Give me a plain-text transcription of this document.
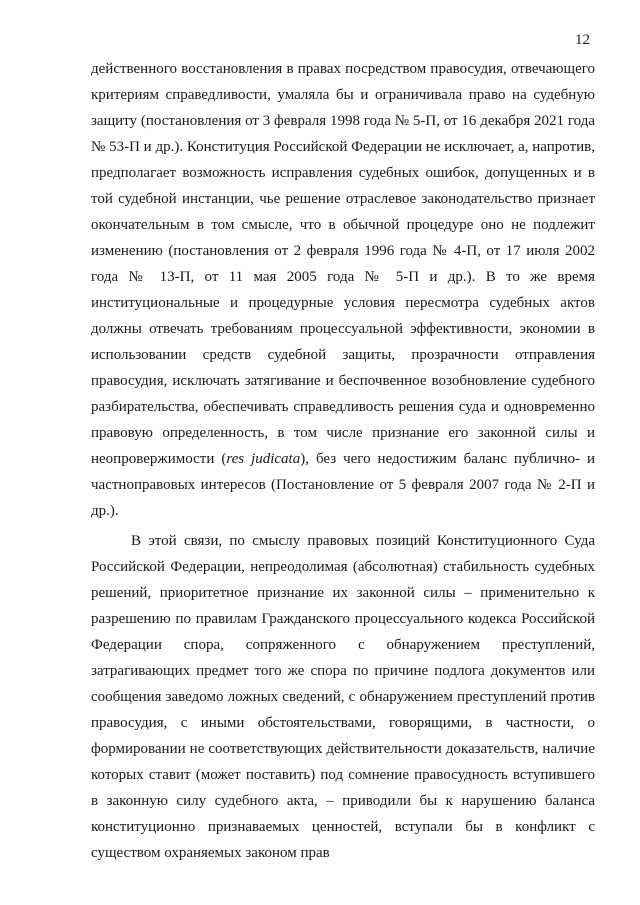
12

действенного восстановления в правах посредством правосудия, отвечающего критериям справедливости, умаляла бы и ограничивала право на судебную защиту (постановления от 3 февраля 1998 года № 5-П, от 16 декабря 2021 года № 53-П и др.). Конституция Российской Федерации не исключает, а, напротив, предполагает возможность исправления судебных ошибок, допущенных и в той судебной инстанции, чье решение отраслевое законодательство признает окончательным в том смысле, что в обычной процедуре оно не подлежит изменению (постановления от 2 февраля 1996 года № 4-П, от 17 июля 2002 года № 13-П, от 11 мая 2005 года № 5-П и др.). В то же время институциональные и процедурные условия пересмотра судебных актов должны отвечать требованиям процессуальной эффективности, экономии в использовании средств судебной защиты, прозрачности отправления правосудия, исключать затягивание и беспочвенное возобновление судебного разбирательства, обеспечивать справедливость решения суда и одновременно правовую определенность, в том числе признание его законной силы и неопровержимости (res judicata), без чего недостижим баланс публично- и частноправовых интересов (Постановление от 5 февраля 2007 года № 2-П и др.).

В этой связи, по смыслу правовых позиций Конституционного Суда Российской Федерации, непреодолимая (абсолютная) стабильность судебных решений, приоритетное признание их законной силы – применительно к разрешению по правилам Гражданского процессуального кодекса Российской Федерации спора, сопряженного с обнаружением преступлений, затрагивающих предмет того же спора по причине подлога документов или сообщения заведомо ложных сведений, с обнаружением преступлений против правосудия, с иными обстоятельствами, говорящими, в частности, о формировании не соответствующих действительности доказательств, наличие которых ставит (может поставить) под сомнение правосудность вступившего в законную силу судебного акта, – приводили бы к нарушению баланса конституционно признаваемых ценностей, вступали бы в конфликт с существом охраняемых законом прав
